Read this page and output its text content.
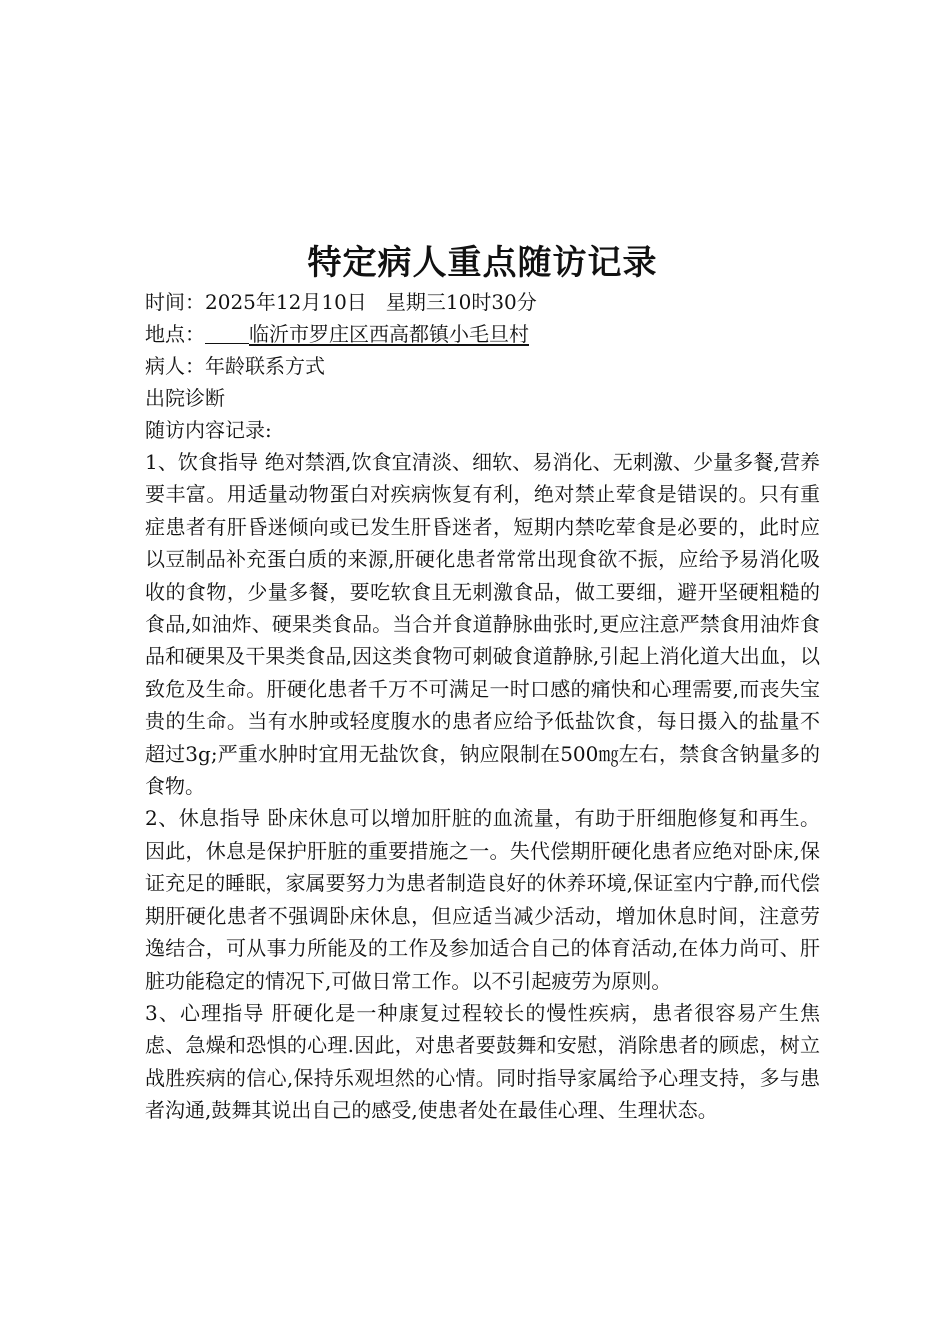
特定病人重点随访记录
时间：2025年12月10日   星期三10时30分
地点： 临沂市罗庄区西高都镇小毛旦村
病人：年龄联系方式
出院诊断
随访内容记录:

1、饮食指导 绝对禁酒,饮食宜清淡、细软、易消化、无刺激、少量多餐,营养要丰富。用适量动物蛋白对疾病恢复有利，绝对禁止荤食是错误的。只有重症患者有肝昏迷倾向或已发生肝昏迷者，短期内禁吃荤食是必要的，此时应以豆制品补充蛋白质的来源,肝硬化患者常常出现食欲不振，应给予易消化吸收的食物，少量多餐，要吃软食且无刺激食品，做工要细，避开坚硬粗糙的食品,如油炸、硬果类食品。当合并食道静脉曲张时,更应注意严禁食用油炸食品和硬果及干果类食品,因这类食物可刺破食道静脉,引起上消化道大出血，以致危及生命。肝硬化患者千万不可满足一时口感的痛快和心理需要,而丧失宝贵的生命。当有水肿或轻度腹水的患者应给予低盐饮食，每日摄入的盐量不超过3g;严重水肿时宜用无盐饮食，钠应限制在500㎎左右，禁食含钠量多的食物。

2、休息指导 卧床休息可以增加肝脏的血流量，有助于肝细胞修复和再生。因此，休息是保护肝脏的重要措施之一。失代偿期肝硬化患者应绝对卧床,保证充足的睡眠，家属要努力为患者制造良好的休养环境,保证室内宁静,而代偿期肝硬化患者不强调卧床休息，但应适当减少活动，增加休息时间，注意劳逸结合，可从事力所能及的工作及参加适合自己的体育活动,在体力尚可、肝脏功能稳定的情况下,可做日常工作。以不引起疲劳为原则。

3、心理指导 肝硬化是一种康复过程较长的慢性疾病，患者很容易产生焦虑、急燥和恐惧的心理.因此，对患者要鼓舞和安慰，消除患者的顾虑，树立战胜疾病的信心,保持乐观坦然的心情。同时指导家属给予心理支持，多与患者沟通,鼓舞其说出自己的感受,使患者处在最佳心理、生理状态。
